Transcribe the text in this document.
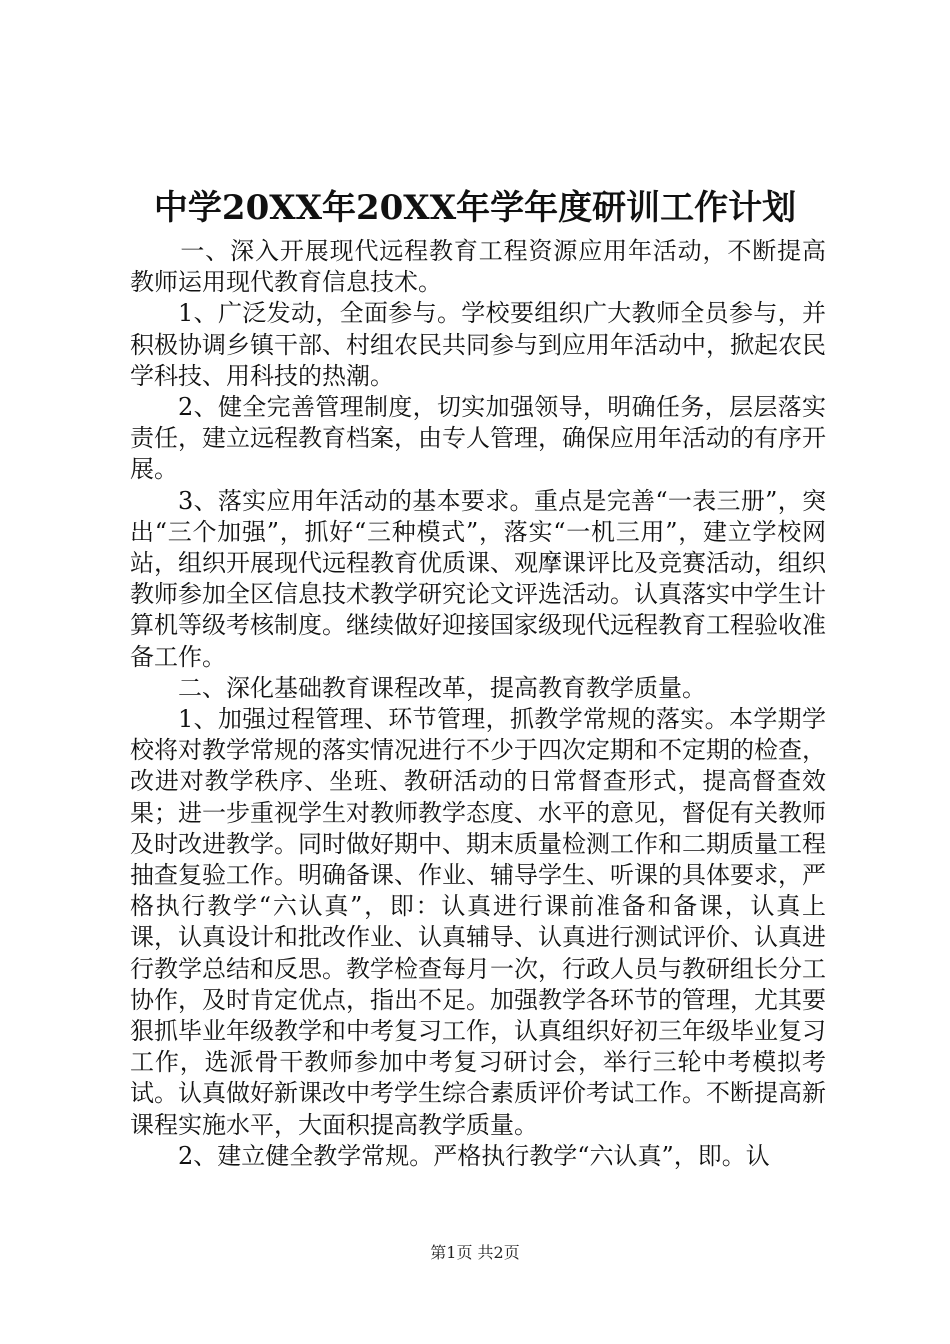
中学20XX年20XX年学年度研训工作计划

一、深入开展现代远程教育工程资源应用年活动，不断提高教师运用现代教育信息技术。

1、广泛发动，全面参与。学校要组织广大教师全员参与，并积极协调乡镇干部、村组农民共同参与到应用年活动中，掀起农民学科技、用科技的热潮。

2、健全完善管理制度，切实加强领导，明确任务，层层落实责任，建立远程教育档案，由专人管理，确保应用年活动的有序开展。

3、落实应用年活动的基本要求。重点是完善“一表三册”，突出“三个加强”，抓好“三种模式”，落实“一机三用”，建立学校网站，组织开展现代远程教育优质课、观摩课评比及竞赛活动，组织教师参加全区信息技术教学研究论文评选活动。认真落实中学生计算机等级考核制度。继续做好迎接国家级现代远程教育工程验收准备工作。

二、深化基础教育课程改革，提高教育教学质量。

1、加强过程管理、环节管理，抓教学常规的落实。本学期学校将对教学常规的落实情况进行不少于四次定期和不定期的检查，改进对教学秩序、坐班、教研活动的日常督查形式，提高督查效果；进一步重视学生对教师教学态度、水平的意见，督促有关教师及时改进教学。同时做好期中、期末质量检测工作和二期质量工程抽查复验工作。明确备课、作业、辅导学生、听课的具体要求，严格执行教学“六认真”，即：认真进行课前准备和备课，认真上课，认真设计和批改作业、认真辅导、认真进行测试评价、认真进行教学总结和反思。教学检查每月一次，行政人员与教研组长分工协作，及时肯定优点，指出不足。加强教学各环节的管理，尤其要狠抓毕业年级教学和中考复习工作，认真组织好初三年级毕业复习工作，选派骨干教师参加中考复习研讨会，举行三轮中考模拟考试。认真做好新课改中考学生综合素质评价考试工作。不断提高新课程实施水平，大面积提高教学质量。

2、建立健全教学常规。严格执行教学“六认真”，即。认

第1页 共2页
